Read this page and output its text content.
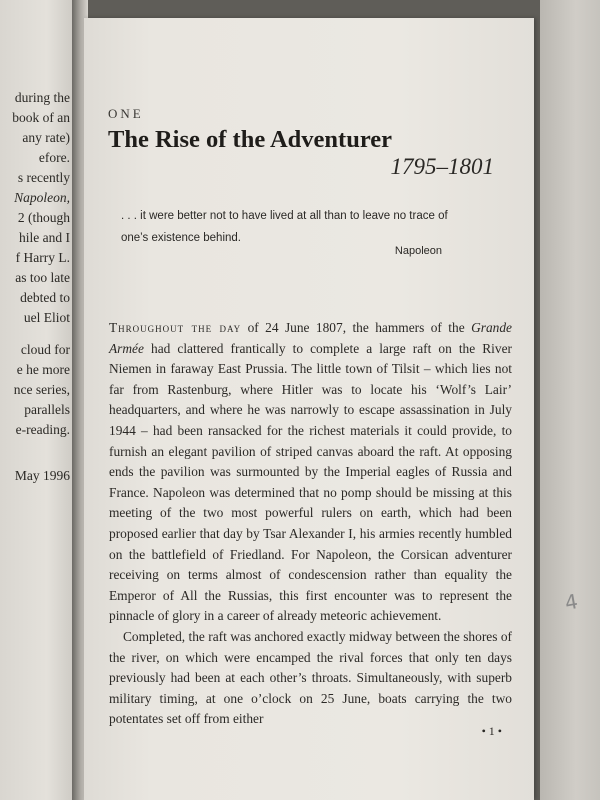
during the
book of an
any rate)
efore.
s recently
Napoleon,
2 (though
hile and I
f Harry L.
as too late
debted to
uel Eliot
cloud for
e he more
nce series,
parallels
e-reading.
May 1996
ONE
The Rise of the Adventurer
1795–1801
. . . it were better not to have lived at all than to leave no trace of one’s existence behind.
Napoleon

Throughout the day of 24 June 1807, the hammers of the Grande Armée had clattered frantically to complete a large raft on the River Niemen in faraway East Prussia. The little town of Tilsit – which lies not far from Rastenburg, where Hitler was to locate his ‘Wolf’s Lair’ headquarters, and where he was narrowly to escape assassination in July 1944 – had been ransacked for the richest materials it could provide, to furnish an elegant pavilion of striped canvas aboard the raft. At opposing ends the pavilion was surmounted by the Imperial eagles of Russia and France. Napoleon was determined that no pomp should be missing at this meeting of the two most powerful rulers on earth, which had been proposed earlier that day by Tsar Alexander I, his armies recently humbled on the battlefield of Friedland. For Napoleon, the Corsican adventurer receiving on terms almost of condescension rather than equality the Emperor of All the Russias, this first encounter was to represent the pinnacle of glory in a career of already meteoric achievement.

Completed, the raft was anchored exactly midway between the shores of the river, on which were encamped the rival forces that only ten days previously had been at each other’s throats. Simultaneously, with superb military timing, at one o’clock on 25 June, boats carrying the two potentates set off from either

• 1 •
4
